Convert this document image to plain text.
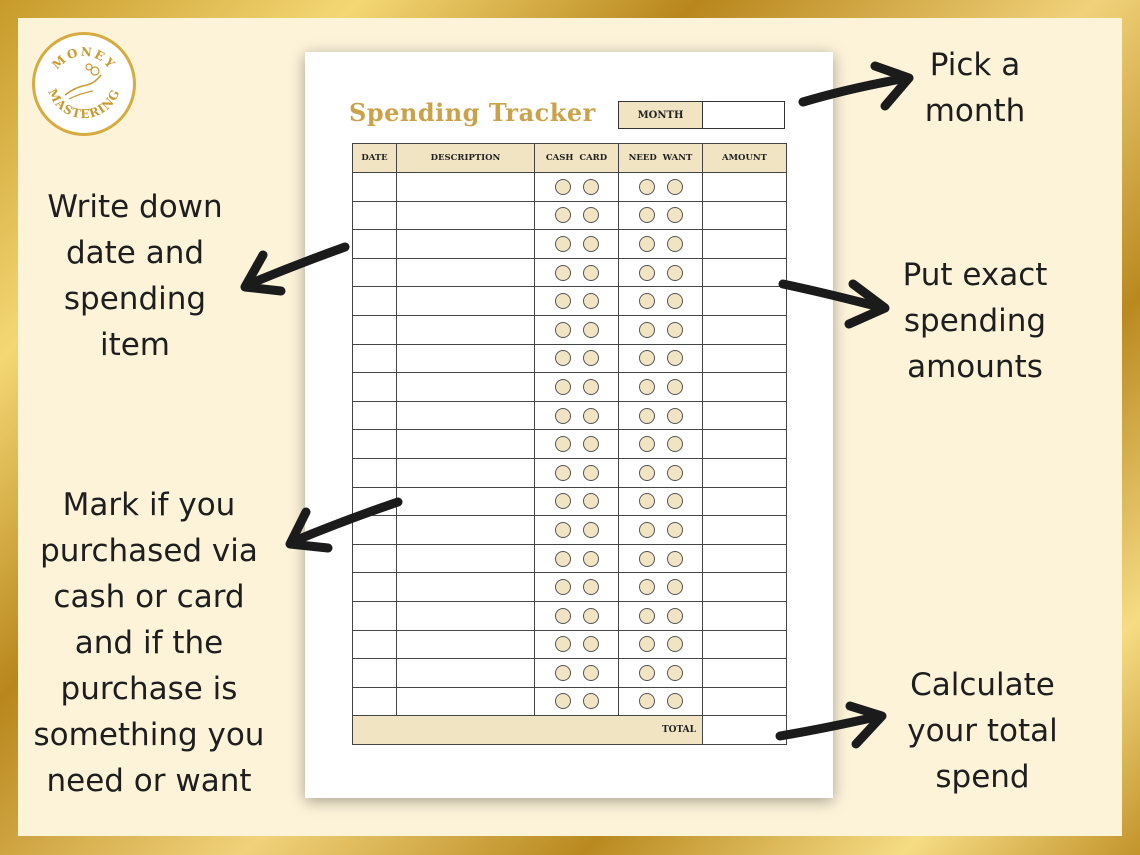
MONEY
MASTERING
Spending Tracker	MONTH
DATE	DESCRIPTION	CASH  CARD	NEED  WANT	AMOUNT

TOTAL				
Pick a
month
Write down
date and
spending
item
Put exact
spending
amounts
Mark if you
purchased via
cash or card
and if the
purchase is
something you
need or want
Calculate
your total
spend
